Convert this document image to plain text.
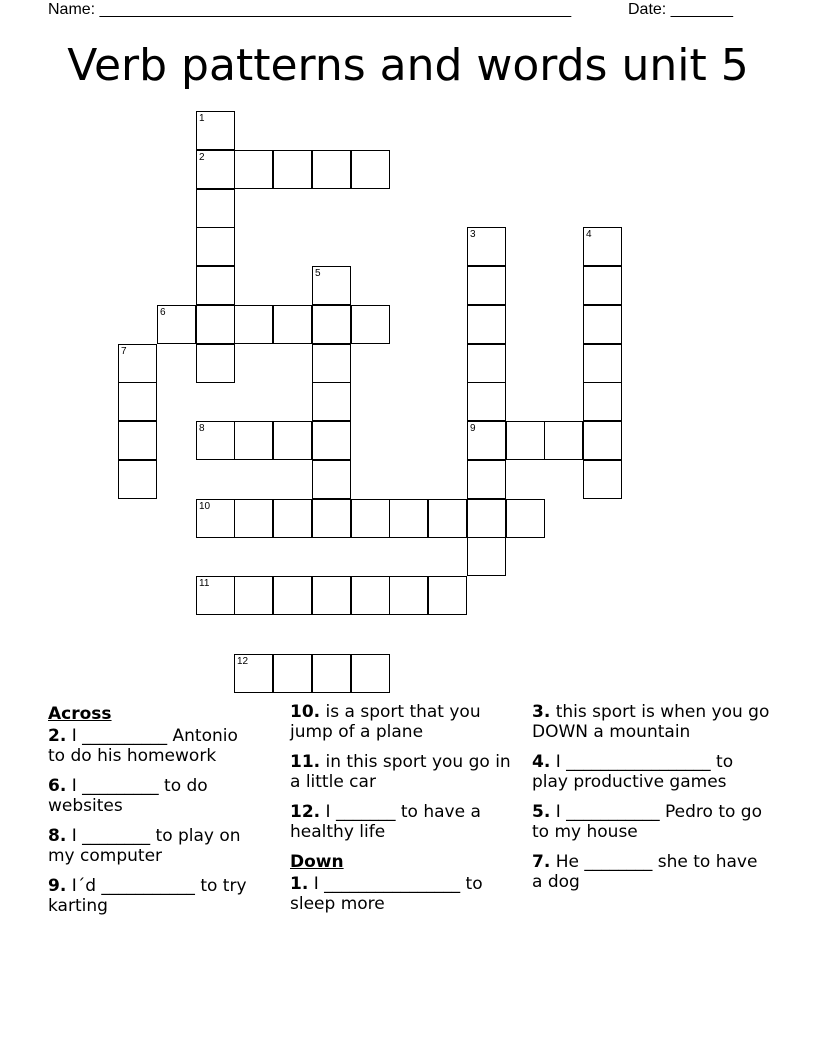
Name: _____________________________________________________	Date: _______
Verb patterns and words unit 5
1
2
3	4
5
6
7
8	9
10
11
12
Across
2. I __________ Antonio to do his homework
6. I _________ to do websites
8. I ________ to play on my computer
9. I´d ___________ to try karting
10. is a sport that you jump of a plane
11. in this sport you go in a little car
12. I _______ to have a healthy life
Down
1. I ________________ to sleep more
3. this sport is when you go DOWN a mountain
4. I _________________ to play productive games
5. I ___________ Pedro to go to my house
7. He ________ she to have a dog
